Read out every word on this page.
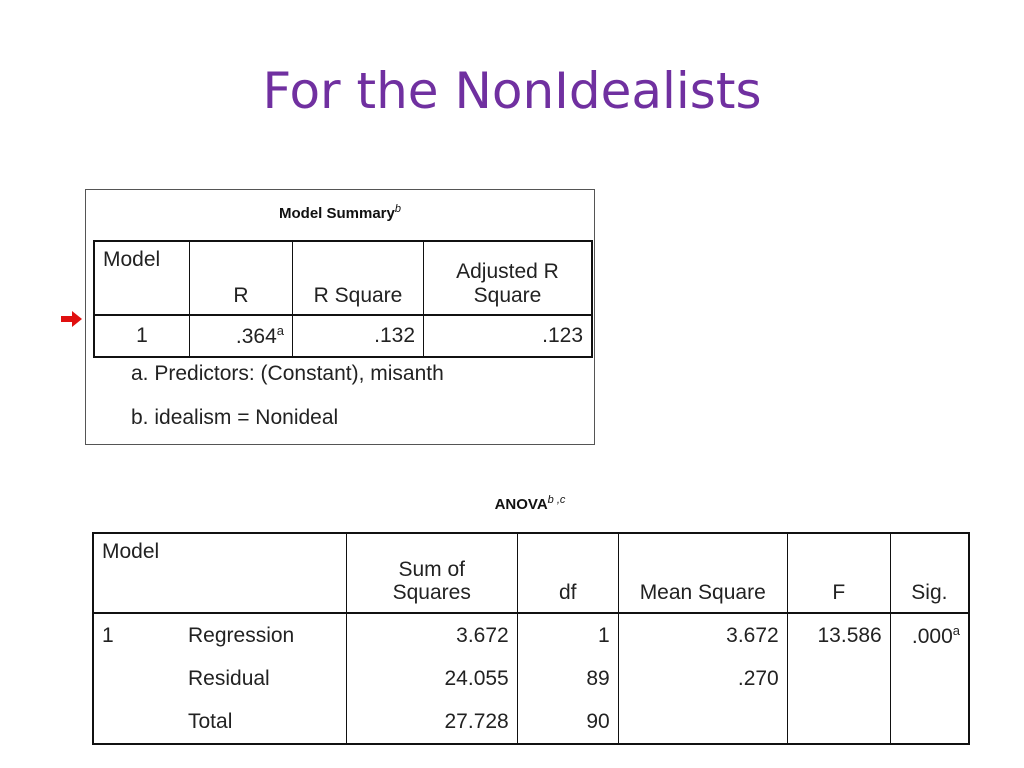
For the NonIdealists
Model Summary$^b$
Model	R	R Square	Adjusted R
Square
1	.364$^a$	.132	.123
a. Predictors: (Constant), misanth
b. idealism = Nonideal
ANOVA$^{b ,c}$
Model		Sum of
Squares	df	Mean Square	F	Sig.
1	Regression	3.672	1	3.672	13.586	.000$^a$
	Residual	24.055	89	.270		
	Total	27.728	90			
